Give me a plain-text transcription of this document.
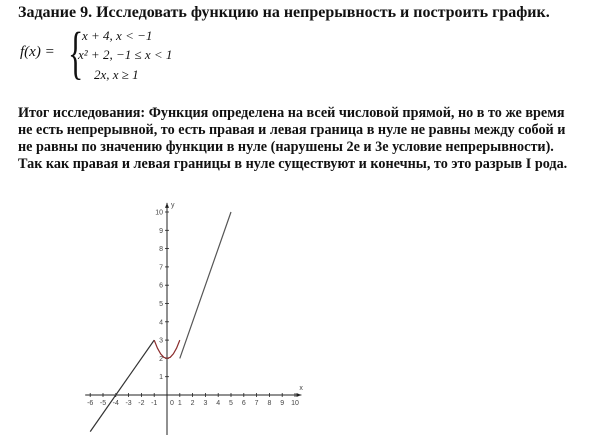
Задание 9. Исследовать функцию на непрерывность и построить график.
f(x) = {
x + 4, x < −1
x² + 2, −1 ≤ x < 1
2x, x ≥ 1
Итог исследования: Функция определена на всей числовой прямой, но в то же время
не есть непрерывной, то есть правая и левая граница в нуле не равны между собой и
не равны по значению функции в нуле (нарушены 2е и 3е условие непрерывности).
Так как правая и левая границы в нуле существуют и конечны, то это разрыв I рода.
x
y
-6 -5 -4 -3 -2 -1	1 2 3 4 5 6 7 8 9 10
0
1
2
3
4
5
6
7
8
9
10
